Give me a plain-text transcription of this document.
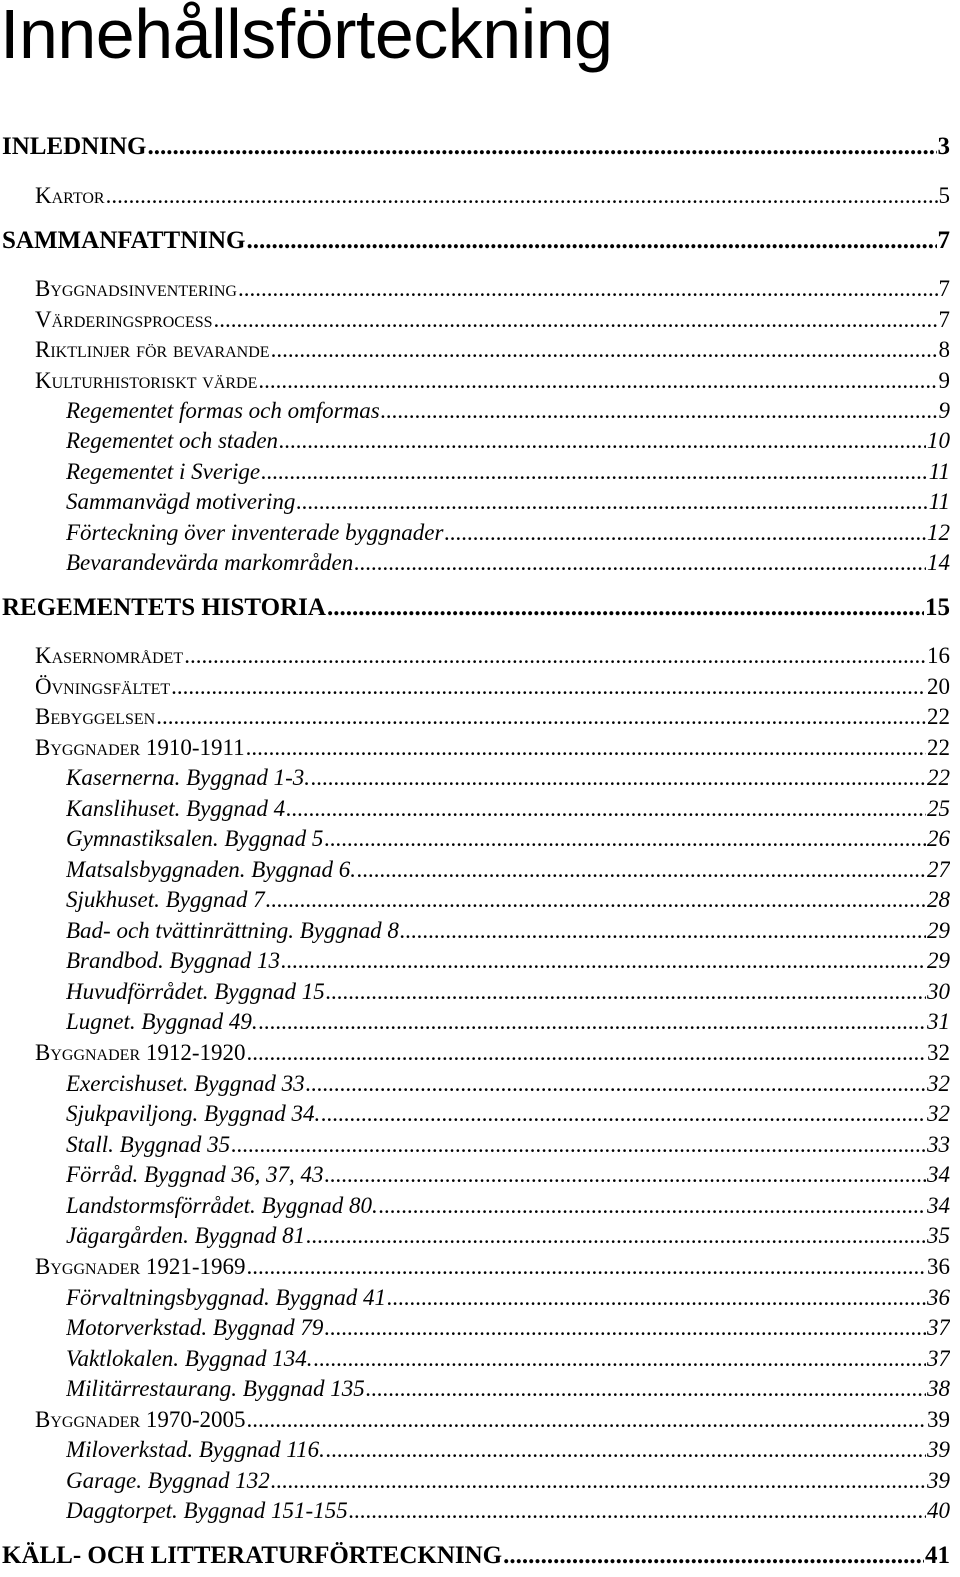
Innehållsförteckning
INLEDNING .....	3
Kartor .....	5
SAMMANFATTNING .....	7
Byggnadsinventering .....	7
Värderingsprocess .....	7
Riktlinjer för bevarande .....	8
Kulturhistoriskt värde .....	9
Regementet formas och omformas .....	9
Regementet och staden .....	10
Regementet i Sverige .....	11
Sammanvägd motivering .....	11
Förteckning över inventerade byggnader .....	12
Bevarandevärda markområden .....	14
REGEMENTETS HISTORIA .....	15
Kasernområdet .....	16
Övningsfältet .....	20
Bebyggelsen .....	22
Byggnader 1910-1911 .....	22
Kasernerna. Byggnad 1-3. .....	22
Kanslihuset. Byggnad 4 .....	25
Gymnastiksalen. Byggnad 5 .....	26
Matsalsbyggnaden. Byggnad 6. .....	27
Sjukhuset. Byggnad 7 .....	28
Bad- och tvättinrättning. Byggnad 8 .....	29
Brandbod. Byggnad 13 .....	29
Huvudförrådet. Byggnad 15 .....	30
Lugnet. Byggnad 49. .....	31
Byggnader 1912-1920 .....	32
Exercishuset. Byggnad 33 .....	32
Sjukpaviljong. Byggnad 34. .....	32
Stall. Byggnad 35 .....	33
Förråd. Byggnad 36, 37, 43 .....	34
Landstormsförrådet. Byggnad 80. .....	34
Jägargården. Byggnad 81 .....	35
Byggnader 1921-1969 .....	36
Förvaltningsbyggnad. Byggnad 41 .....	36
Motorverkstad. Byggnad 79 .....	37
Vaktlokalen. Byggnad 134. .....	37
Militärrestaurang. Byggnad 135 .....	38
Byggnader 1970-2005 .....	39
Miloverkstad. Byggnad 116. .....	39
Garage. Byggnad 132 .....	39
Daggtorpet. Byggnad 151-155 .....	40
KÄLL- OCH LITTERATURFÖRTECKNING .....	41
